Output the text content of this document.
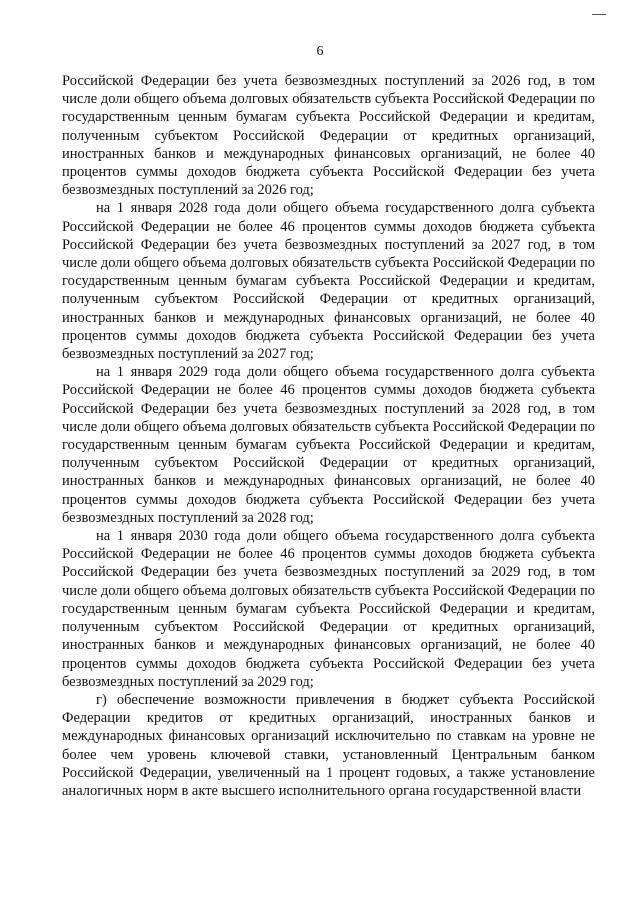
6

Российской Федерации без учета безвозмездных поступлений за 2026 год, в том числе доли общего объема долговых обязательств субъекта Российской Федерации по государственным ценным бумагам субъекта Российской Федерации и кредитам, полученным субъектом Российской Федерации от кредитных организаций, иностранных банков и международных финансовых организаций, не более 40 процентов суммы доходов бюджета субъекта Российской Федерации без учета безвозмездных поступлений за 2026 год;

на 1 января 2028 года доли общего объема государственного долга субъекта Российской Федерации не более 46 процентов суммы доходов бюджета субъекта Российской Федерации без учета безвозмездных поступлений за 2027 год, в том числе доли общего объема долговых обязательств субъекта Российской Федерации по государственным ценным бумагам субъекта Российской Федерации и кредитам, полученным субъектом Российской Федерации от кредитных организаций, иностранных банков и международных финансовых организаций, не более 40 процентов суммы доходов бюджета субъекта Российской Федерации без учета безвозмездных поступлений за 2027 год;

на 1 января 2029 года доли общего объема государственного долга субъекта Российской Федерации не более 46 процентов суммы доходов бюджета субъекта Российской Федерации без учета безвозмездных поступлений за 2028 год, в том числе доли общего объема долговых обязательств субъекта Российской Федерации по государственным ценным бумагам субъекта Российской Федерации и кредитам, полученным субъектом Российской Федерации от кредитных организаций, иностранных банков и международных финансовых организаций, не более 40 процентов суммы доходов бюджета субъекта Российской Федерации без учета безвозмездных поступлений за 2028 год;

на 1 января 2030 года доли общего объема государственного долга субъекта Российской Федерации не более 46 процентов суммы доходов бюджета субъекта Российской Федерации без учета безвозмездных поступлений за 2029 год, в том числе доли общего объема долговых обязательств субъекта Российской Федерации по государственным ценным бумагам субъекта Российской Федерации и кредитам, полученным субъектом Российской Федерации от кредитных организаций, иностранных банков и международных финансовых организаций, не более 40 процентов суммы доходов бюджета субъекта Российской Федерации без учета безвозмездных поступлений за 2029 год;

г) обеспечение возможности привлечения в бюджет субъекта Российской Федерации кредитов от кредитных организаций, иностранных банков и международных финансовых организаций исключительно по ставкам на уровне не более чем уровень ключевой ставки, установленный Центральным банком Российской Федерации, увеличенный на 1 процент годовых, а также установление аналогичных норм в акте высшего исполнительного органа государственной власти
